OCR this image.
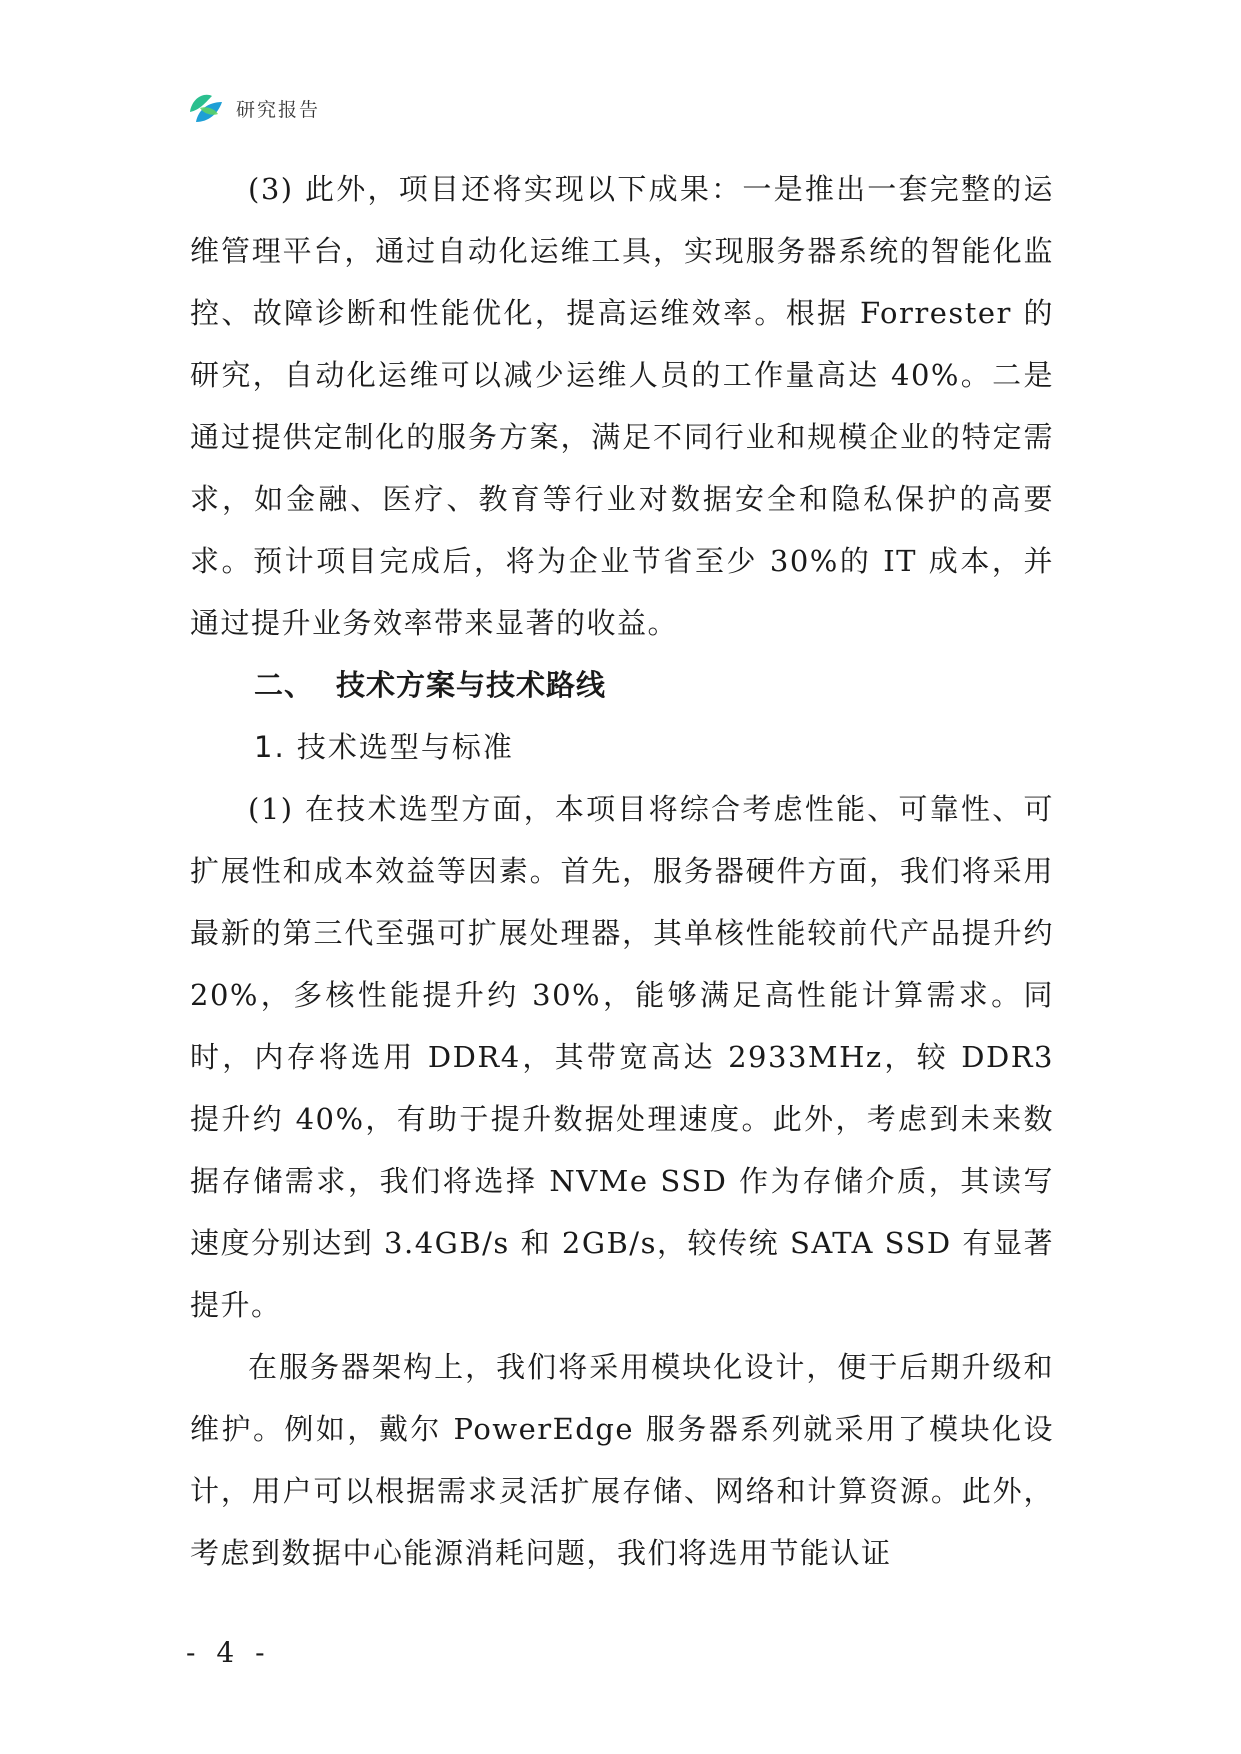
研究报告

(3) 此外，项目还将实现以下成果：一是推出一套完整的运维管理平台，通过自动化运维工具，实现服务器系统的智能化监控、故障诊断和性能优化，提高运维效率。根据 Forrester 的研究，自动化运维可以减少运维人员的工作量高达 40%。二是通过提供定制化的服务方案，满足不同行业和规模企业的特定需求，如金融、医疗、教育等行业对数据安全和隐私保护的高要求。预计项目完成后，将为企业节省至少 30%的 IT 成本，并通过提升业务效率带来显著的收益。

二、 技术方案与技术路线

1. 技术选型与标准

(1) 在技术选型方面，本项目将综合考虑性能、可靠性、可扩展性和成本效益等因素。首先，服务器硬件方面，我们将采用最新的第三代至强可扩展处理器，其单核性能较前代产品提升约 20%，多核性能提升约 30%，能够满足高性能计算需求。同时，内存将选用 DDR4，其带宽高达 2933MHz，较 DDR3 提升约 40%，有助于提升数据处理速度。此外，考虑到未来数据存储需求，我们将选择 NVMe SSD 作为存储介质，其读写速度分别达到 3.4GB/s 和 2GB/s，较传统 SATA SSD 有显著提升。

在服务器架构上，我们将采用模块化设计，便于后期升级和维护。例如，戴尔 PowerEdge 服务器系列就采用了模块化设计，用户可以根据需求灵活扩展存储、网络和计算资源。此外，考虑到数据中心能源消耗问题，我们将选用节能认证

- 4 -
